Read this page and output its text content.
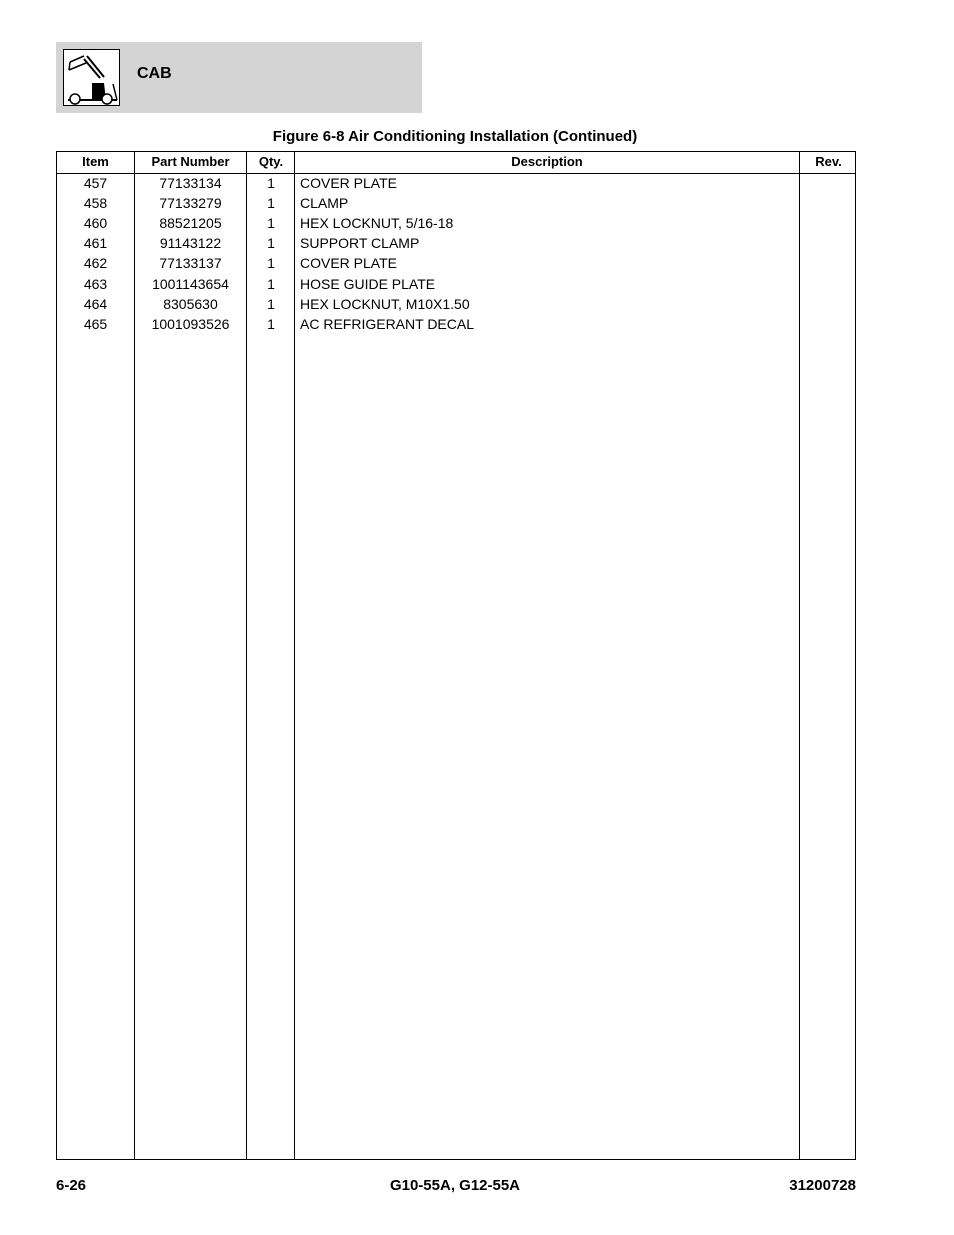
CAB
Figure 6-8 Air Conditioning Installation (Continued)
Item	Part Number	Qty.	Description	Rev.
457	77133134	1	COVER PLATE
458	77133279	1	CLAMP
460	88521205	1	HEX LOCKNUT, 5/16-18
461	91143122	1	SUPPORT CLAMP
462	77133137	1	COVER PLATE
463	1001143654	1	HOSE GUIDE PLATE
464	8305630	1	HEX LOCKNUT, M10X1.50
465	1001093526	1	AC REFRIGERANT DECAL
6-26	G10-55A, G12-55A	31200728
